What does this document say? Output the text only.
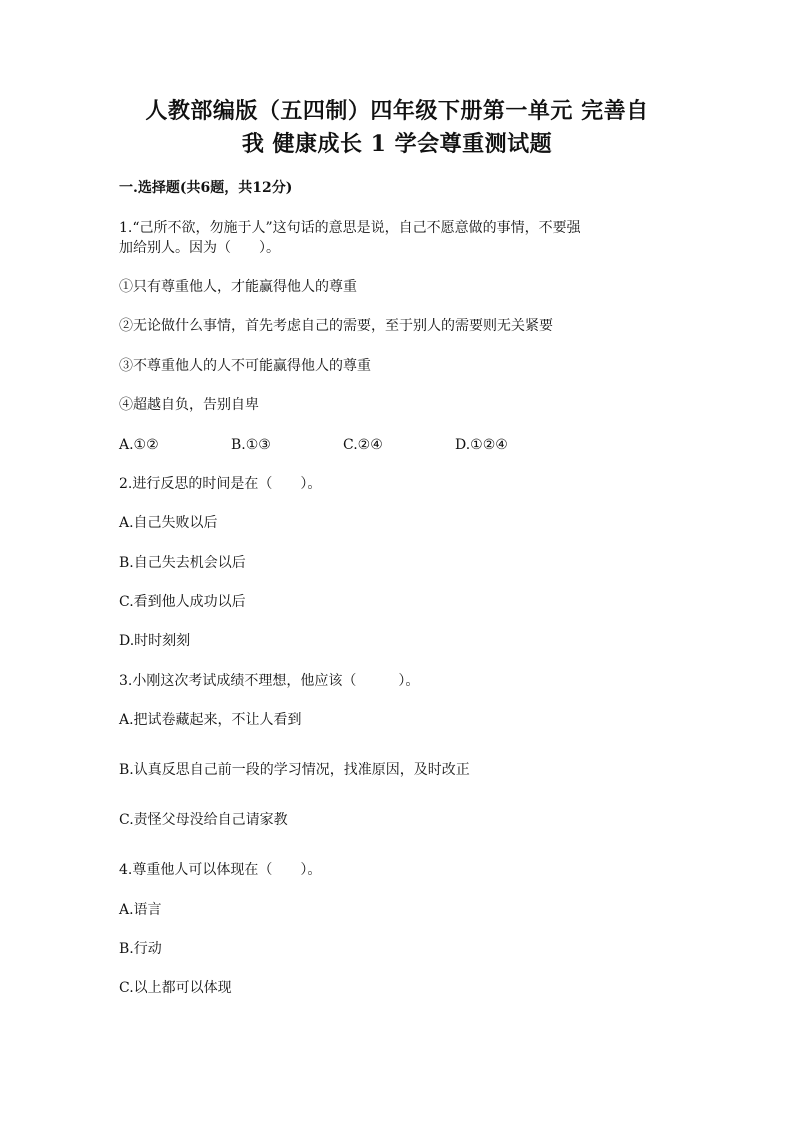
人教部编版（五四制）四年级下册第一单元 完善自
我 健康成长 1 学会尊重测试题
一.选择题(共6题，共12分)
1.“己所不欲，勿施于人”这句话的意思是说，自己不愿意做的事情，不要强
加给别人。因为（　　）。
①只有尊重他人，才能赢得他人的尊重
②无论做什么事情，首先考虑自己的需要，至于别人的需要则无关紧要
③不尊重他人的人不可能赢得他人的尊重
④超越自负，告别自卑
A.①②	B.①③	C.②④	D.①②④
2.进行反思的时间是在（　　）。
A.自己失败以后
B.自己失去机会以后
C.看到他人成功以后
D.时时刻刻
3.小刚这次考试成绩不理想，他应该（　　　）。
A.把试卷藏起来，不让人看到
B.认真反思自己前一段的学习情况，找准原因，及时改正
C.责怪父母没给自己请家教
4.尊重他人可以体现在（　　）。
A.语言
B.行动
C.以上都可以体现
